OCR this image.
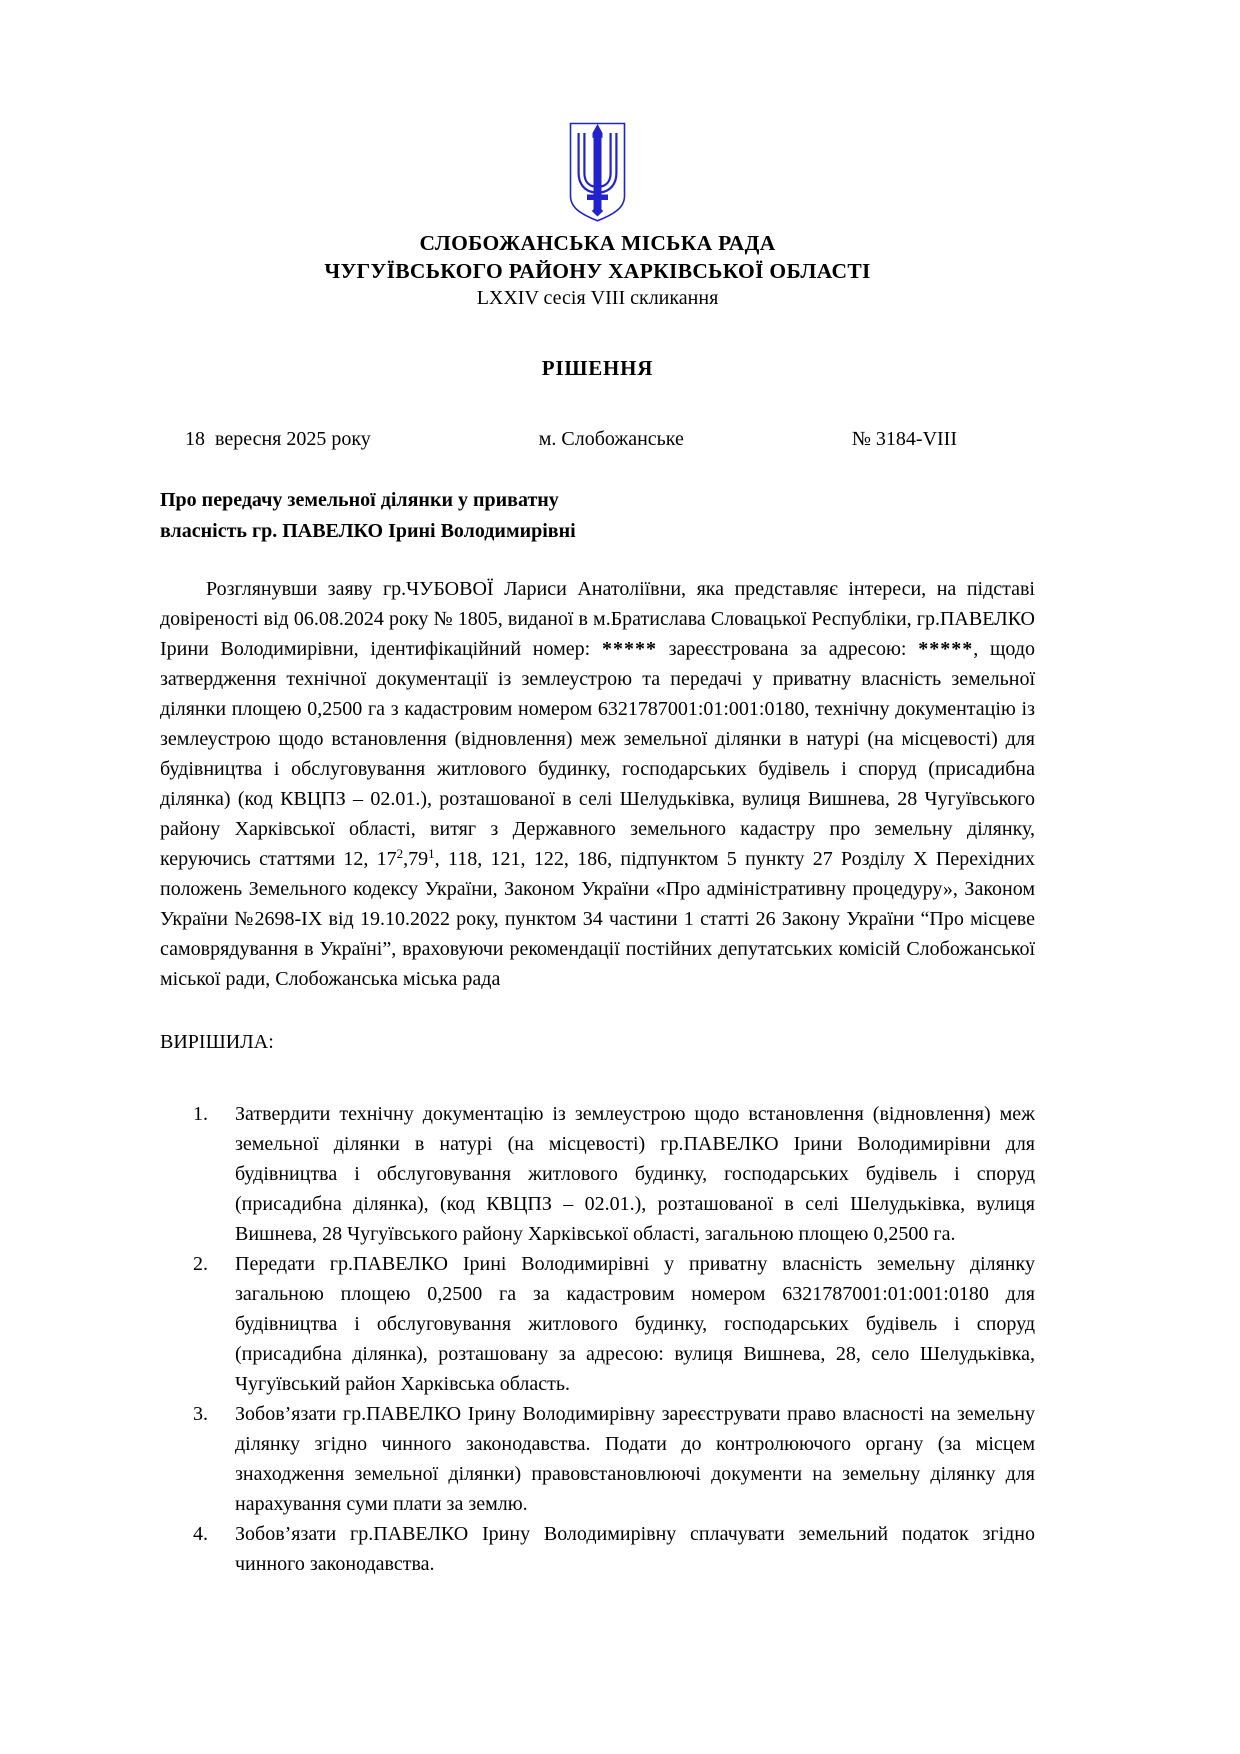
СЛОБОЖАНСЬКА МІСЬКА РАДА
ЧУГУЇВСЬКОГО РАЙОНУ ХАРКІВСЬКОЇ ОБЛАСТІ
LXXIV сесія VIII скликання
РІШЕННЯ
18  вересня 2025 року	м. Слобожанське	№ 3184-VIII
Про передачу земельної ділянки у приватну
власність гр. ПАВЕЛКО Ірині Володимирівні

Розглянувши заяву гр.ЧУБОВОЇ Лариси Анатоліївни, яка представляє інтереси, на підставі довіреності від 06.08.2024 року № 1805, виданої в м.Братислава Словацької Республіки, гр.ПАВЕЛКО Ірини Володимирівни, ідентифікаційний номер: ***** зареєстрована за адресою: *****, щодо затвердження технічної документації із землеустрою та передачі у приватну власність земельної ділянки площею 0,2500 га з кадастровим номером 6321787001:01:001:0180, технічну документацію із землеустрою щодо встановлення (відновлення) меж земельної ділянки в натурі (на місцевості) для будівництва і обслуговування житлового будинку, господарських будівель і споруд (присадибна ділянка) (код КВЦПЗ – 02.01.), розташованої в селі Шелудьківка, вулиця Вишнева, 28 Чугуївського району Харківської області, витяг з Державного земельного кадастру про земельну ділянку, керуючись статтями 12, $17^2,79^1$, 118, 121, 122, 186, підпунктом 5 пункту 27 Розділу X Перехідних положень Земельного кодексу України, Законом України «Про адміністративну процедуру», Законом України №2698-IX від 19.10.2022 року, пунктом 34 частини 1 статті 26 Закону України “Про місцеве самоврядування в Україні”, враховуючи рекомендації постійних депутатських комісій Слобожанської міської ради, Слобожанська міська рада

ВИРІШИЛА:
1.	Затвердити технічну документацію із землеустрою щодо встановлення (відновлення) меж земельної ділянки в натурі (на місцевості) гр.ПАВЕЛКО Ірини Володимирівни для будівництва і обслуговування житлового будинку, господарських будівель і споруд (присадибна ділянка), (код КВЦПЗ – 02.01.), розташованої в селі Шелудьківка, вулиця Вишнева, 28 Чугуївського району Харківської області, загальною площею 0,2500 га.
2.	Передати гр.ПАВЕЛКО Ірині Володимирівні у приватну власність земельну ділянку загальною площею 0,2500 га за кадастровим номером 6321787001:01:001:0180 для будівництва і обслуговування житлового будинку, господарських будівель і споруд (присадибна ділянка), розташовану за адресою: вулиця Вишнева, 28, село Шелудьківка, Чугуївський район Харківська область.
3.	Зобов’язати гр.ПАВЕЛКО Ірину Володимирівну зареєструвати право власності на земельну ділянку згідно чинного законодавства. Подати до контролюючого органу (за місцем знаходження земельної ділянки) правовстановлюючі документи на земельну ділянку для нарахування суми плати за землю.
4.	Зобов’язати гр.ПАВЕЛКО Ірину Володимирівну сплачувати земельний податок згідно чинного законодавства.
